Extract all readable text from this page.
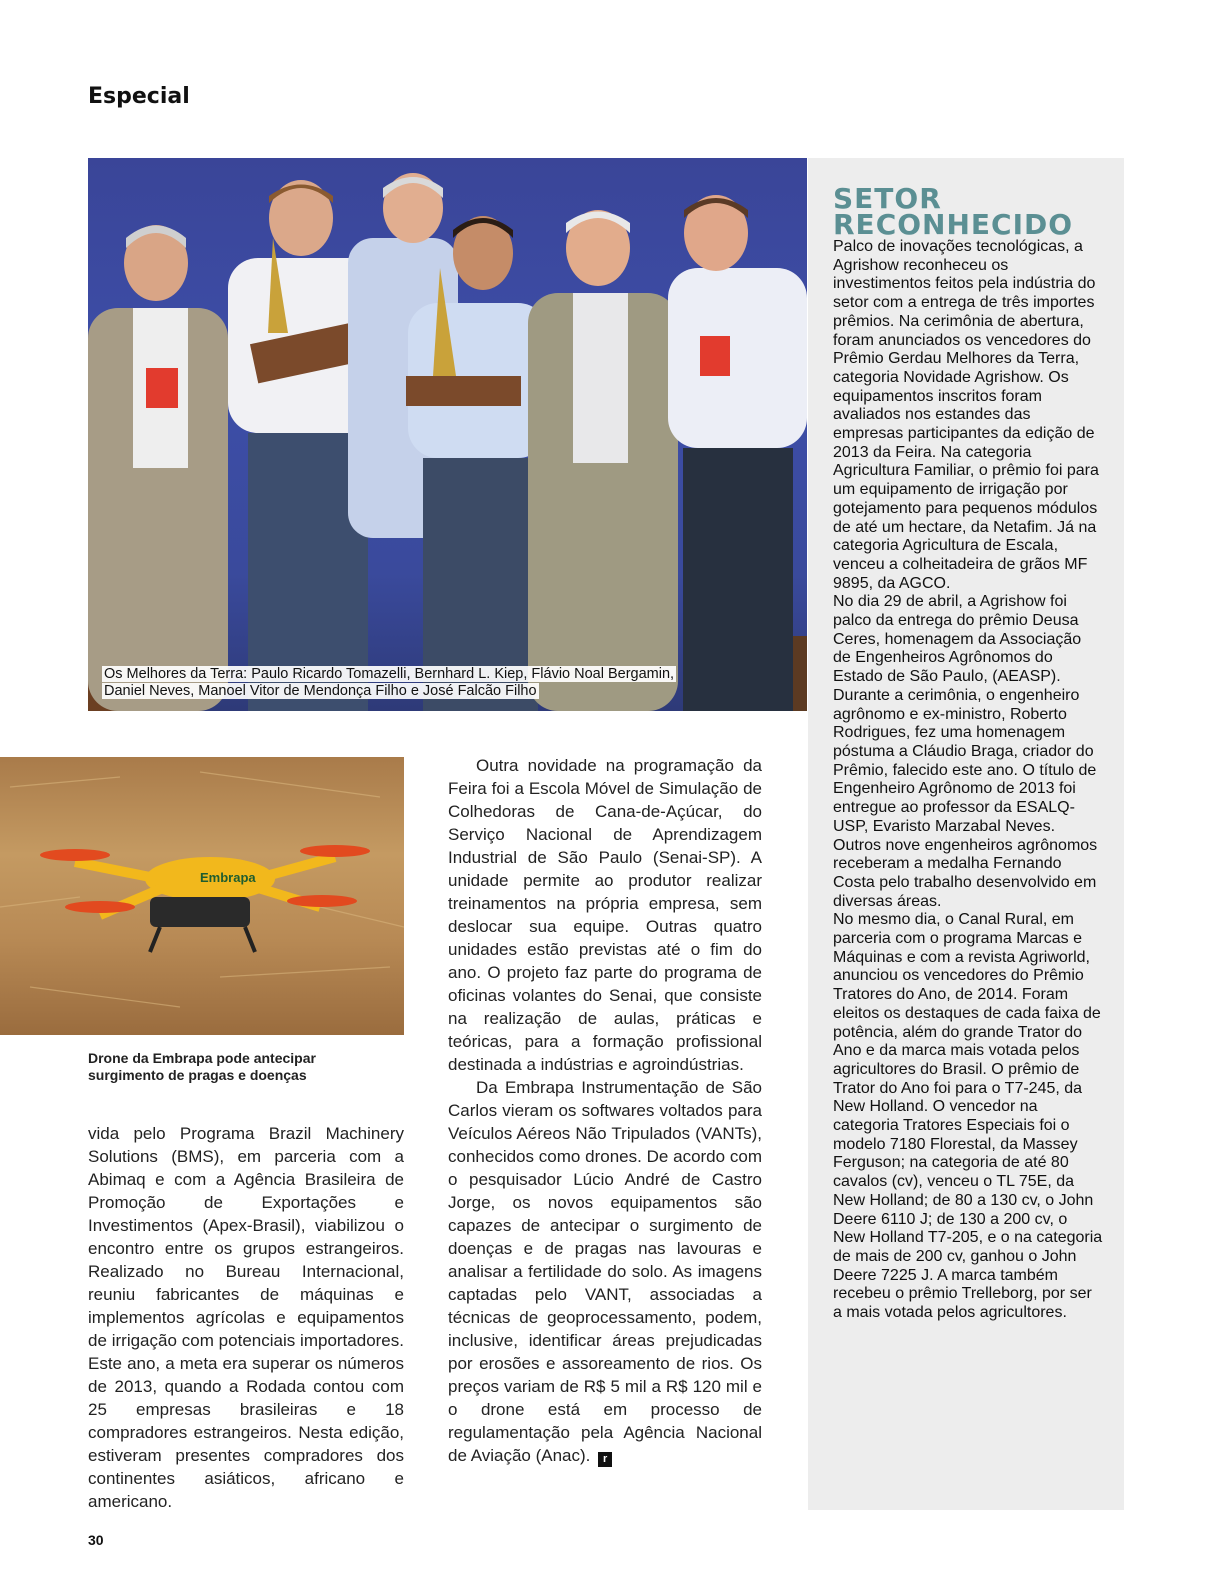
Especial
Os Melhores da Terra: Paulo Ricardo Tomazelli, Bernhard L. Kiep, Flávio Noal Bergamin, Daniel Neves, Manoel Vitor de Mendonça Filho e José Falcão Filho
Embrapa
Drone da Embrapa pode antecipar surgimento de pragas e doenças

vida pelo Programa Brazil Machinery Solutions (BMS), em parceria com a Abimaq e com a Agência Brasileira de Promoção de Exportações e Investimentos (Apex-Brasil), viabilizou o encontro entre os grupos estrangeiros. Realizado no Bureau Internacional, reuniu fabricantes de máquinas e implementos agrícolas e equipamentos de irrigação com potenciais importadores. Este ano, a meta era superar os números de 2013, quando a Rodada contou com 25 empresas brasileiras e 18 compradores estrangeiros. Nesta edição, estiveram presentes compradores dos continentes asiáticos, africano e americano.

Outra novidade na programação da Feira foi a Escola Móvel de Simulação de Colhedoras de Cana-de-Açúcar, do Serviço Nacional de Aprendizagem Industrial de São Paulo (Senai-SP). A unidade permite ao produtor realizar treinamentos na própria empresa, sem deslocar sua equipe. Outras quatro unidades estão previstas até o fim do ano. O projeto faz parte do programa de oficinas volantes do Senai, que consiste na realização de aulas, práticas e teóricas, para a formação profissional destinada a indústrias e agroindústrias.

Da Embrapa Instrumentação de São Carlos vieram os softwares voltados para Veículos Aéreos Não Tripulados (VANTs), conhecidos como drones. De acordo com o pesquisador Lúcio André de Castro Jorge, os novos equipamentos são capazes de antecipar o surgimento de doenças e de pragas nas lavouras e analisar a fertilidade do solo. As imagens captadas pelo VANT, associadas a técnicas de geoprocessamento, podem, inclusive, identificar áreas prejudicadas por erosões e assoreamento de rios. Os preços variam de R$ 5 mil a R$ 120 mil e o drone está em processo de regulamentação pela Agência Nacional de Aviação (Anac). r

SETOR RECONHECIDO

Palco de inovações tecnológicas, a Agrishow reconheceu os investimentos feitos pela indústria do setor com a entrega de três importes prêmios. Na cerimônia de abertura, foram anunciados os vencedores do Prêmio Gerdau Melhores da Terra, categoria Novidade Agrishow. Os equipamentos inscritos foram avaliados nos estandes das empresas participantes da edição de 2013 da Feira. Na categoria Agricultura Familiar, o prêmio foi para um equipamento de irrigação por gotejamento para pequenos módulos de até um hectare, da Netafim. Já na categoria Agricultura de Escala, venceu a colheitadeira de grãos MF 9895, da AGCO.

No dia 29 de abril, a Agrishow foi palco da entrega do prêmio Deusa Ceres, homenagem da Associação de Engenheiros Agrônomos do Estado de São Paulo, (AEASP). Durante a cerimônia, o engenheiro agrônomo e ex-ministro, Roberto Rodrigues, fez uma homenagem póstuma a Cláudio Braga, criador do Prêmio, falecido este ano. O título de Engenheiro Agrônomo de 2013 foi entregue ao professor da ESALQ-USP, Evaristo Marzabal Neves. Outros nove engenheiros agrônomos receberam a medalha Fernando Costa pelo trabalho desenvolvido em diversas áreas.

No mesmo dia, o Canal Rural, em parceria com o programa Marcas e Máquinas e com a revista Agriworld, anunciou os vencedores do Prêmio Tratores do Ano, de 2014. Foram eleitos os destaques de cada faixa de potência, além do grande Trator do Ano e da marca mais votada pelos agricultores do Brasil. O prêmio de Trator do Ano foi para o T7-245, da New Holland. O vencedor na categoria Tratores Especiais foi o modelo 7180 Florestal, da Massey Ferguson; na categoria de até 80 cavalos (cv), venceu o TL 75E, da New Holland; de 80 a 130 cv, o John Deere 6110 J; de 130 a 200 cv, o New Holland T7-205, e o na categoria de mais de 200 cv, ganhou o John Deere 7225 J. A marca também recebeu o prêmio Trelleborg, por ser a mais votada pelos agricultores.

30
